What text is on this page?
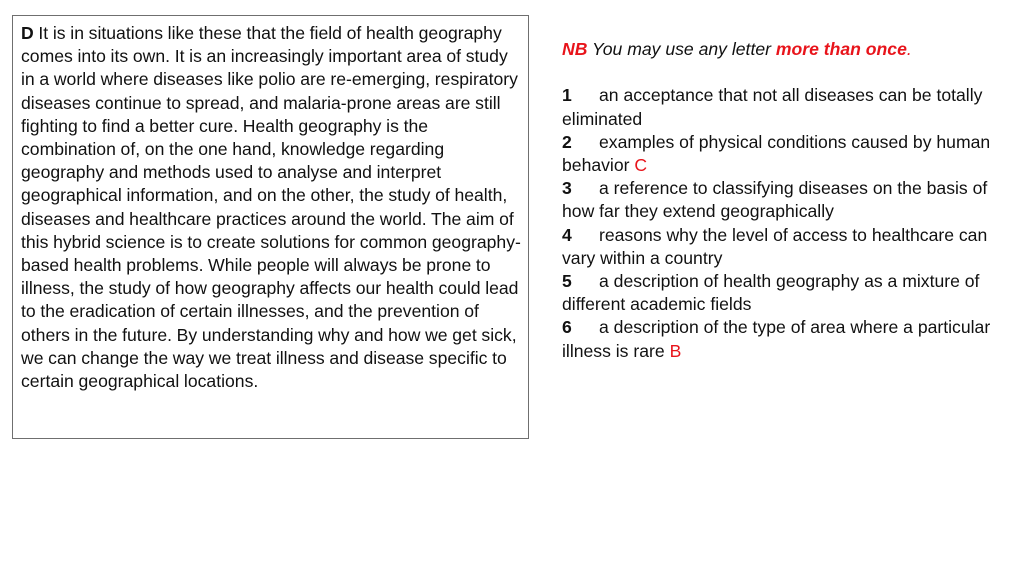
D It is in situations like these that the field of health geography comes into its own. It is an increasingly important area of study in a world where diseases like polio are re-emerging, respiratory diseases continue to spread, and malaria-prone areas are still fighting to find a better cure. Health geography is the combination of, on the one hand, knowledge regarding geography and methods used to analyse and interpret geographical information, and on the other, the study of health, diseases and healthcare practices around the world. The aim of this hybrid science is to create solutions for common geography-based health problems. While people will always be prone to illness, the study of how geography affects our health could lead to the eradication of certain illnesses, and the prevention of others in the future. By understanding why and how we get sick, we can change the way we treat illness and disease specific to certain geographical locations.

NB You may use any letter more than once.

1 an acceptance that not all diseases can be totally eliminated

2 examples of physical conditions caused by human behavior C

3 a reference to classifying diseases on the basis of how far they extend geographically

4 reasons why the level of access to healthcare can vary within a country

5 a description of health geography as a mixture of different academic fields

6 a description of the type of area where a particular illness is rare B
